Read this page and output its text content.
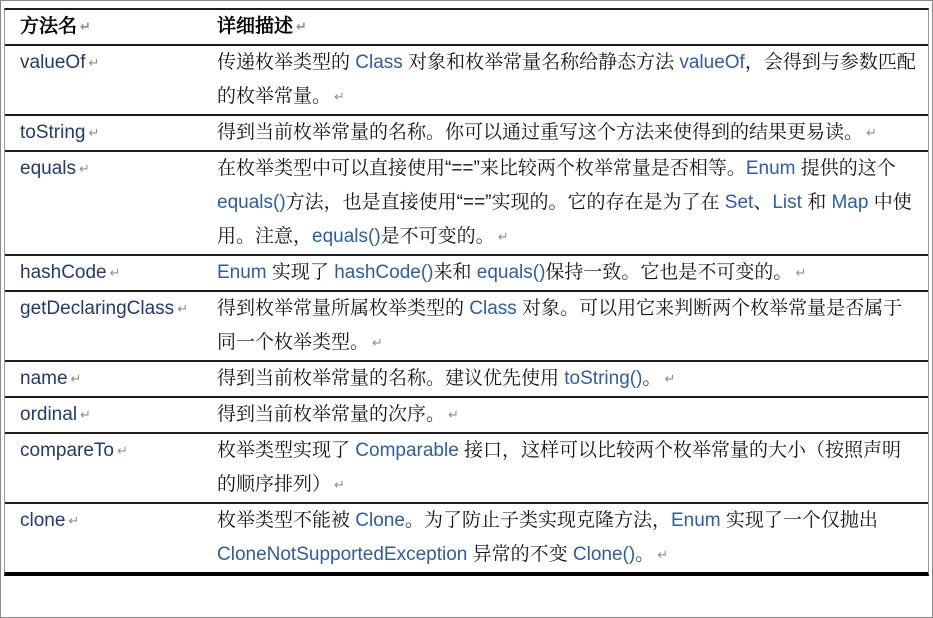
方法名 ↵	详细描述 ↵
valueOf ↵	传递枚举类型的 Class 对象和枚举常量名称给静态方法 valueOf，会得到与参数匹配的枚举常量。 ↵
toString ↵	得到当前枚举常量的名称。你可以通过重写这个方法来使得到的结果更易读。 ↵
equals ↵	在枚举类型中可以直接使用“==”来比较两个枚举常量是否相等。Enum 提供的这个 equals()方法，也是直接使用“==”实现的。它的存在是为了在 Set、List 和 Map 中使用。注意，equals()是不可变的。 ↵
hashCode ↵	Enum 实现了 hashCode()来和 equals()保持一致。它也是不可变的。 ↵
getDeclaringClass ↵	得到枚举常量所属枚举类型的 Class 对象。可以用它来判断两个枚举常量是否属于同一个枚举类型。 ↵
name ↵	得到当前枚举常量的名称。建议优先使用 toString()。 ↵
ordinal ↵	得到当前枚举常量的次序。 ↵
compareTo ↵	枚举类型实现了 Comparable 接口，这样可以比较两个枚举常量的大小（按照声明的顺序排列） ↵
clone ↵	枚举类型不能被 Clone。为了防止子类实现克隆方法，Enum 实现了一个仅抛出 CloneNotSupportedException 异常的不变 Clone()。 ↵
